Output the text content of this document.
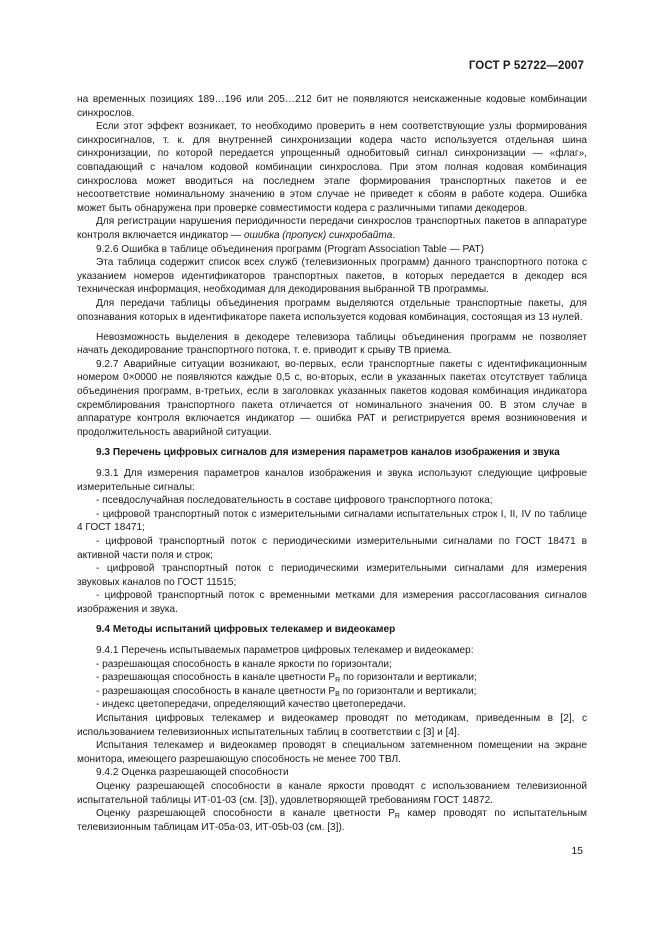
ГОСТ Р 52722—2007

на временных позициях 189…196 или 205…212 бит не появляются неискаженные кодовые комбинации синхрослов.

Если этот эффект возникает, то необходимо проверить в нем соответствующие узлы формирования синхросигналов, т. к. для внутренней синхронизации кодера часто используется отдельная шина синхронизации, по которой передается упрощенный однобитовый сигнал синхронизации — «флаг», совпадающий с началом кодовой комбинации синхрослова. При этом полная кодовая комбинация синхрослова может вводиться на последнем этапе формирования транспортных пакетов и ее несоответствие номинальному значению в этом случае не приведет к сбоям в работе кодера. Ошибка может быть обнаружена при проверке совместимости кодера с различными типами декодеров.

Для регистрации нарушения периодичности передачи синхрослов транспортных пакетов в аппаратуре контроля включается индикатор — ошибка (пропуск) синхробайта.

9.2.6 Ошибка в таблице объединения программ (Program Association Table — PAT)

Эта таблица содержит список всех служб (телевизионных программ) данного транспортного потока с указанием номеров идентификаторов транспортных пакетов, в которых передается в декодер вся техническая информация, необходимая для декодирования выбранной ТВ программы.

Для передачи таблицы объединения программ выделяются отдельные транспортные пакеты, для опознавания которых в идентификаторе пакета используется кодовая комбинация, состоящая из 13 нулей.

Невозможность выделения в декодере телевизора таблицы объединения программ не позволяет начать декодирование транспортного потока, т. е. приводит к срыву ТВ приема.

9.2.7 Аварийные ситуации возникают, во-первых, если транспортные пакеты с идентификационным номером 0×0000 не появляются каждые 0,5 с, во-вторых, если в указанных пакетах отсутствует таблица объединения программ, в-третьих, если в заголовках указанных пакетов кодовая комбинация индикатора скремблирования транспортного пакета отличается от номинального значения 00. В этом случае в аппаратуре контроля включается индикатор — ошибка PAT и регистрируется время возникновения и продолжительность аварийной ситуации.

9.3 Перечень цифровых сигналов для измерения параметров каналов изображения и звука

9.3.1 Для измерения параметров каналов изображения и звука используют следующие цифровые измерительные сигналы:

- псевдослучайная последовательность в составе цифрового транспортного потока;

- цифровой транспортный поток с измерительными сигналами испытательных строк I, II, IV по таблице 4 ГОСТ 18471;

- цифровой транспортный поток с периодическими измерительными сигналами по ГОСТ 18471 в активной части поля и строк;

- цифровой транспортный поток с периодическими измерительными сигналами для измерения звуковых каналов по ГОСТ 11515;

- цифровой транспортный поток с временными метками для измерения рассогласования сигналов изображения и звука.

9.4 Методы испытаний цифровых телекамер и видеокамер

9.4.1 Перечень испытываемых параметров цифровых телекамер и видеокамер:

- разрешающая способность в канале яркости по горизонтали;

- разрешающая способность в канале цветности $P_R$ по горизонтали и вертикали;

- разрешающая способность в канале цветности $P_B$ по горизонтали и вертикали;

- индекс цветопередачи, определяющий качество цветопередачи.

Испытания цифровых телекамер и видеокамер проводят по методикам, приведенным в [2], с использованием телевизионных испытательных таблиц в соответствии с [3] и [4].

Испытания телекамер и видеокамер проводят в специальном затемненном помещении на экране монитора, имеющего разрешающую способность не менее 700 ТВЛ.

9.4.2 Оценка разрешающей способности

Оценку разрешающей способности в канале яркости проводят с использованием телевизионной испытательной таблицы ИТ-01-03 (см. [3]), удовлетворяющей требованиям ГОСТ 14872.

Оценку разрешающей способности в канале цветности $P_R$ камер проводят по испытательным телевизионным таблицам ИТ-05а-03, ИТ-05b-03 (см. [3]).

15
